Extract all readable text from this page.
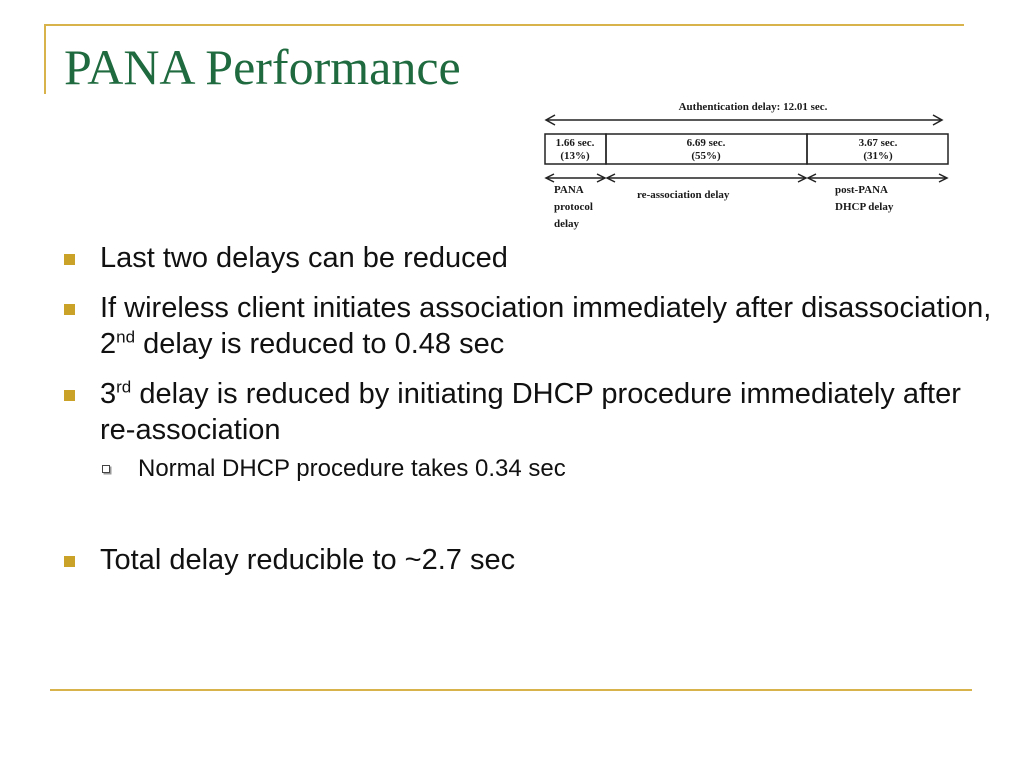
PANA Performance
Authentication delay: 12.01 sec.
1.66 sec.
(13%)
6.69 sec.
(55%)
3.67 sec.
(31%)
PANA
protocol
delay
re-association delay	post-PANA
DHCP delay
Last two delays can be reduced
If wireless client initiates association immediately after disassociation, 2nd delay is reduced to 0.48 sec
3rd delay is reduced by initiating DHCP procedure immediately after re-association
Normal DHCP procedure takes 0.34 sec
Total delay reducible to ~2.7 sec
